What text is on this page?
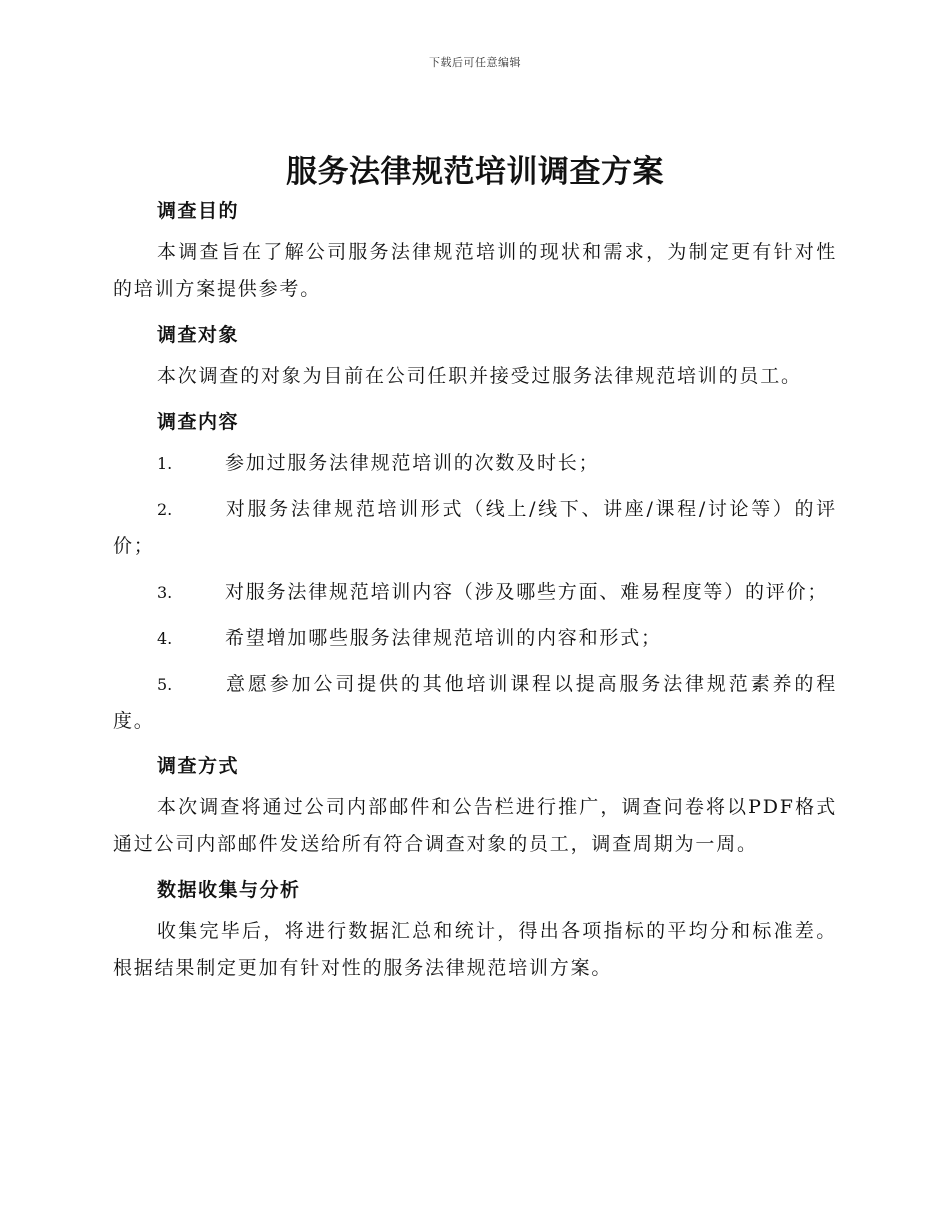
下载后可任意编辑
服务法律规范培训调查方案
调查目的
本调查旨在了解公司服务法律规范培训的现状和需求，为制定更有针对性的培训方案提供参考。
调查对象
本次调查的对象为目前在公司任职并接受过服务法律规范培训的员工。
调查内容
1.	参加过服务法律规范培训的次数及时长；
2.	对服务法律规范培训形式（线上/线下、讲座/课程/讨论等）的评价；
3.	对服务法律规范培训内容（涉及哪些方面、难易程度等）的评价；
4.	希望增加哪些服务法律规范培训的内容和形式；
5.	意愿参加公司提供的其他培训课程以提高服务法律规范素养的程度。
调查方式
本次调查将通过公司内部邮件和公告栏进行推广，调查问卷将以PDF格式通过公司内部邮件发送给所有符合调查对象的员工，调查周期为一周。
数据收集与分析
收集完毕后，将进行数据汇总和统计，得出各项指标的平均分和标准差。根据结果制定更加有针对性的服务法律规范培训方案。
